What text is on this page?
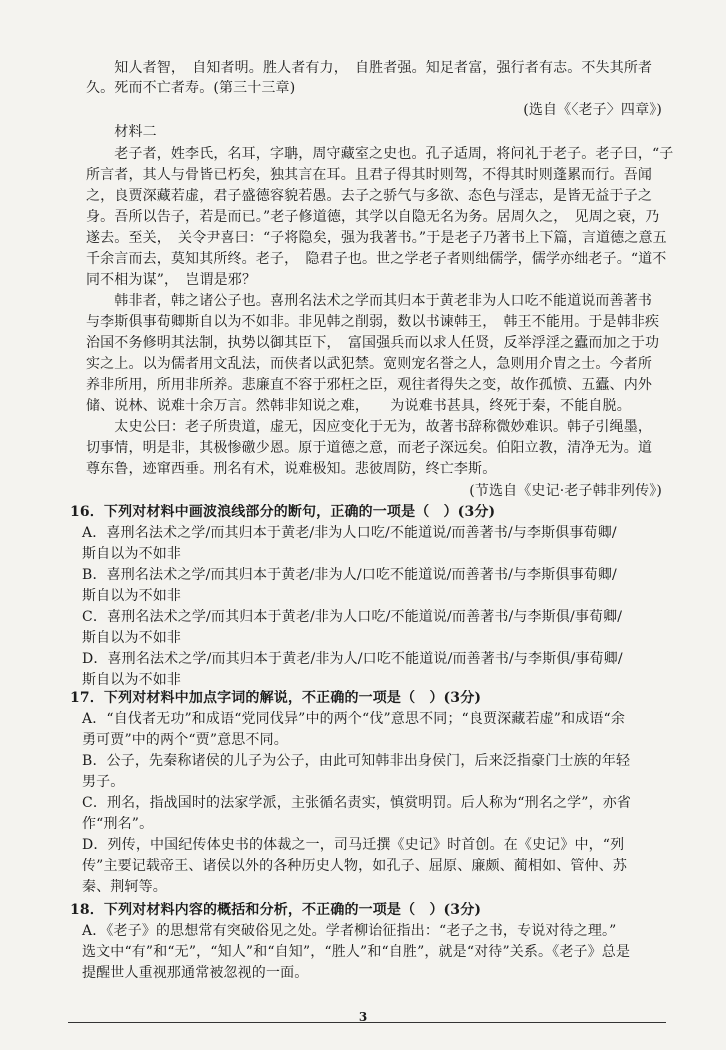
　　知人者智，　自知者明。胜人者有力，　自胜者强。知足者富，强行者有志。不失其所者
久。死而不亡者寿。(第三十三章)
(选自《〈老子〉四章》)
　　材料二
　　老子者，姓李氏，名耳，字聃，周守藏室之史也。孔子适周，将问礼于老子。老子曰，“子
所言者，其人与骨皆已朽矣，独其言在耳。且君子得其时则驾，不得其时则蓬累而行。吾闻
之，良贾深藏若虚，君子盛德容貌若愚。去子之骄气与多欲、态色与淫志，是皆无益于子之
身。吾所以告子，若是而已。”老子修道德，其学以自隐无名为务。居周久之，　见周之衰，乃
遂去。至关，　关令尹喜曰：“子将隐矣，强为我著书。”于是老子乃著书上下篇，言道德之意五
千余言而去，莫知其所终。老子，　隐君子也。世之学老子者则绌儒学，儒学亦绌老子。“道不
同不相为谋”，　岂谓是邪？
　　韩非者，韩之诸公子也。喜刑名法术之学而其归本于黄老非为人口吃不能道说而善著书
与李斯俱事荀卿斯自以为不如非。非见韩之削弱，数以书谏韩王，　韩王不能用。于是韩非疾
治国不务修明其法制，执势以御其臣下，　富国强兵而以求人任贤，反举浮淫之蠹而加之于功
实之上。以为儒者用文乱法，而侠者以武犯禁。宽则宠名誉之人，急则用介胄之士。今者所
养非所用，所用非所养。悲廉直不容于邪枉之臣，观往者得失之变，故作孤愤、五蠹、内外
储、说林、说难十余万言。然韩非知说之难，　　为说难书甚具，终死于秦，不能自脱。
　　太史公曰：老子所贵道，虚无，因应变化于无为，故著书辞称微妙难识。韩子引绳墨，
切事情，明是非，其极惨礉少恩。原于道德之意，而老子深远矣。伯阳立教，清净无为。道
尊东鲁，迹窜西垂。刑名有术，说难极知。悲彼周防，终亡李斯。
(节选自《史记·老子韩非列传》)
16．下列对材料中画波浪线部分的断句，正确的一项是（　）(3分)
A．喜刑名法术之学/而其归本于黄老/非为人口吃/不能道说/而善著书/与李斯俱事荀卿/
斯自以为不如非
B．喜刑名法术之学/而其归本于黄老/非为人/口吃不能道说/而善著书/与李斯俱事荀卿/
斯自以为不如非
C．喜刑名法术之学/而其归本于黄老/非为人口吃/不能道说/而善著书/与李斯俱/事荀卿/
斯自以为不如非
D．喜刑名法术之学/而其归本于黄老/非为人/口吃不能道说/而善著书/与李斯俱/事荀卿/
斯自以为不如非
17．下列对材料中加点字词的解说，不正确的一项是（　）(3分)
A．“自伐者无功”和成语“党同伐异”中的两个“伐”意思不同；“良贾深藏若虚”和成语“余
勇可贾”中的两个“贾”意思不同。
B．公子，先秦称诸侯的儿子为公子，由此可知韩非出身侯门，后来泛指豪门士族的年轻
男子。
C．刑名，指战国时的法家学派，主张循名责实，慎赏明罚。后人称为“刑名之学”，亦省
作“刑名”。
D．列传，中国纪传体史书的体裁之一，司马迁撰《史记》时首创。在《史记》中，“列
传”主要记载帝王、诸侯以外的各种历史人物，如孔子、屈原、廉颇、蔺相如、管仲、苏
秦、荆轲等。
18．下列对材料内容的概括和分析，不正确的一项是（　）(3分)
A．《老子》的思想常有突破俗见之处。学者柳诒征指出：“老子之书，专说对待之理。”
选文中“有”和“无”，“知人”和“自知”，“胜人”和“自胜”，就是“对待”关系。《老子》总是
提醒世人重视那通常被忽视的一面。
3
